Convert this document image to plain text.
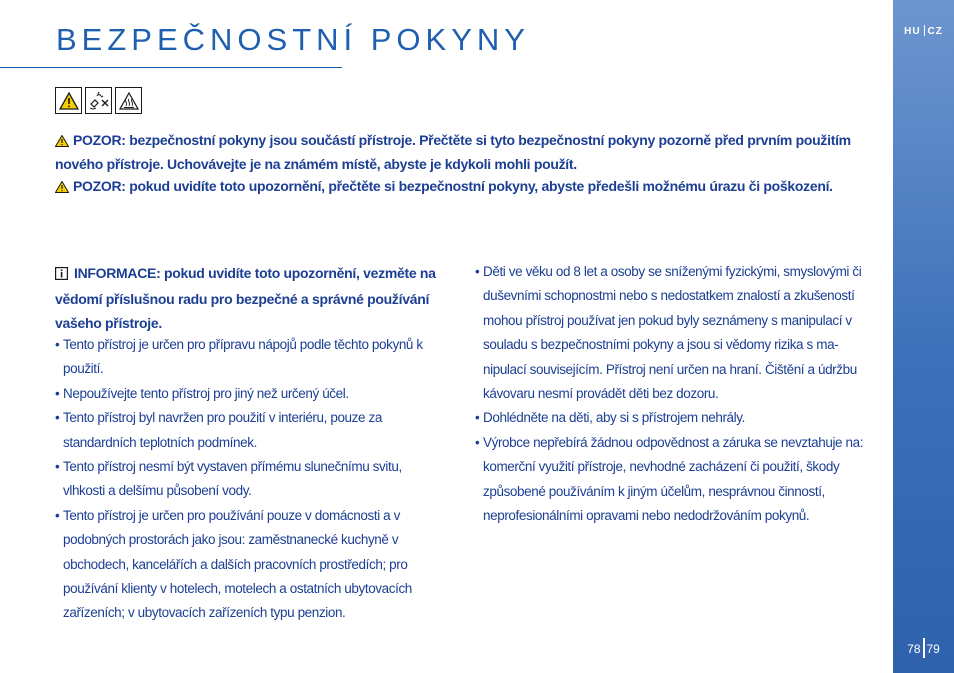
BEZPEČNOSTNÍ POKYNY
POZOR: bezpečnostní pokyny jsou součástí přístroje. Přečtěte si tyto bezpečnostní pokyny pozorně před prvním použitím nového přístroje. Uchovávejte je na známém místě, abyste je kdykoli mohli použít.
POZOR: pokud uvidíte toto upozornění, přečtěte si bezpečnostní pokyny, abyste předešli možnému úrazu či poškození.
INFORMACE: pokud uvidíte toto upozornění, vezměte na vědomí příslušnou radu pro bezpečné a správné používání vašeho přístroje.
• Tento přístroj je určen pro přípravu nápojů podle těchto pokynů k použití.
• Nepoužívejte tento přístroj pro jiný než určený účel.
• Tento přístroj byl navržen pro použití v interiéru, pouze za standardních teplotních podmínek.
• Tento přístroj nesmí být vystaven přímému slunečnímu svitu, vlhkosti a delšímu působení vody.
• Tento přístroj je určen pro používání pouze v domácnosti a v podobných prostorách jako jsou: zaměstnanecké kuchyně v obchodech, kancelářích a dalších pracovních prostředích; pro používání klienty v hotelech, motelech a ostatních ubytovacích zařízeních; v ubytovacích zařízeních typu penzion.
• Děti ve věku od 8 let a osoby se sníženými fyzickými, smyslovými či duševními schopnostmi nebo s nedostatkem znalostí a zkušeností mohou přístroj používat jen pokud byly seznámeny s manipulací v souladu s bezpečnostními pokyny a jsou si vědomy rizika s ma-nipulací souvisejícím. Přístroj není určen na hraní. Čištění a údržbu kávovaru nesmí provádět děti bez dozoru.
• Dohlédněte na děti, aby si s přístrojem nehrály.
• Výrobce nepřebírá žádnou odpovědnost a záruka se nevztahuje na: komerční využití přístroje, nevhodné zacházení či použití, škody způsobené používáním k jiným účelům, nesprávnou činností, neprofesionálními opravami nebo nedodržováním pokynů.
HU CZ
78 79
